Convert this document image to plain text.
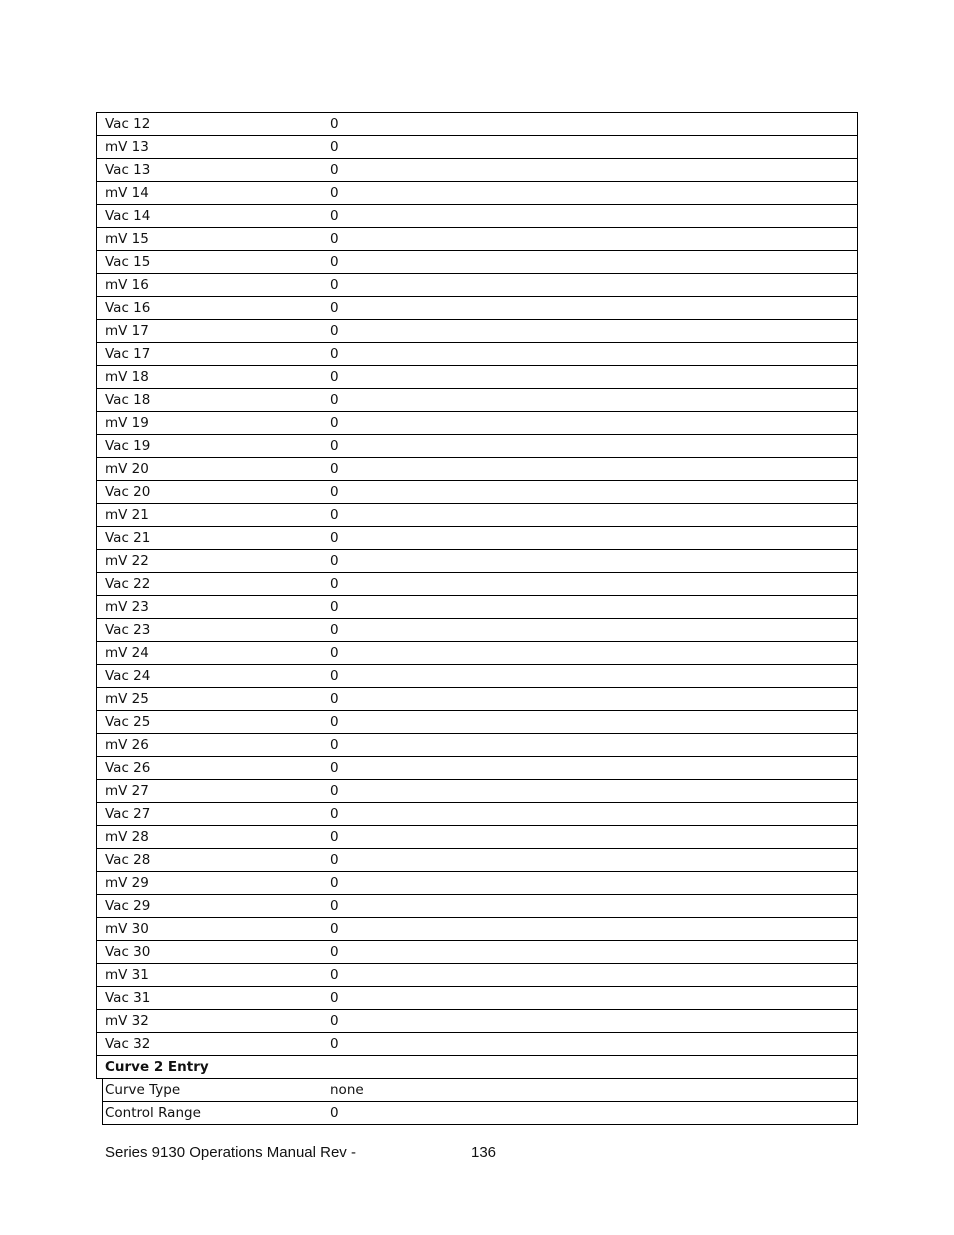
Vac 12	0
mV 13	0
Vac 13	0
mV 14	0
Vac 14	0
mV 15	0
Vac 15	0
mV 16	0
Vac 16	0
mV 17	0
Vac 17	0
mV 18	0
Vac 18	0
mV 19	0
Vac 19	0
mV 20	0
Vac 20	0
mV 21	0
Vac 21	0
mV 22	0
Vac 22	0
mV 23	0
Vac 23	0
mV 24	0
Vac 24	0
mV 25	0
Vac 25	0
mV 26	0
Vac 26	0
mV 27	0
Vac 27	0
mV 28	0
Vac 28	0
mV 29	0
Vac 29	0
mV 30	0
Vac 30	0
mV 31	0
Vac 31	0
mV 32	0
Vac 32	0
Curve 2 Entry
Curve Type	none
Control Range	0
Series 9130 Operations Manual Rev -	136
